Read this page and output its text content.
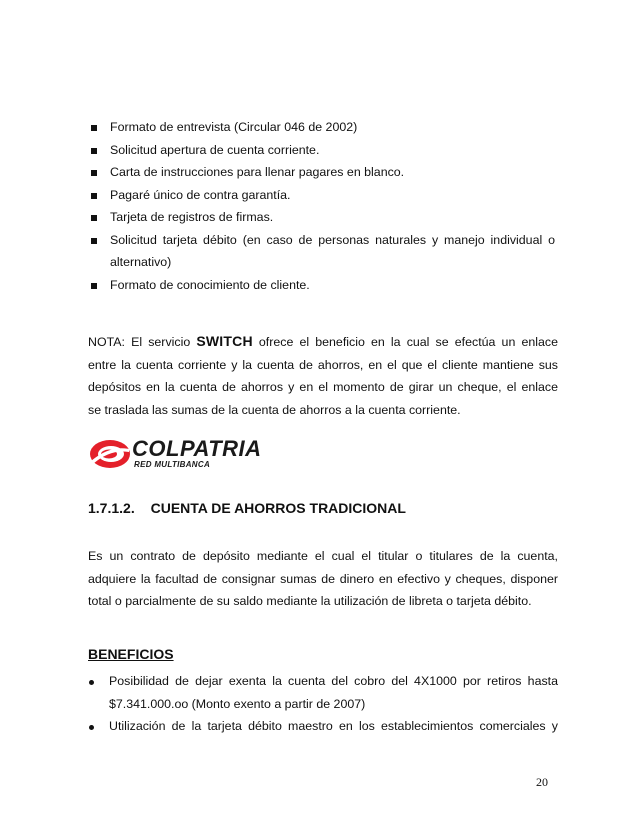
Formato de entrevista (Circular 046 de 2002)
Solicitud apertura de cuenta corriente.
Carta de instrucciones para llenar pagares en blanco.
Pagaré único de contra garantía.
Tarjeta de registros de firmas.
Solicitud tarjeta débito (en caso de personas naturales y manejo individual o
alternativo)
Formato de conocimiento de cliente.
NOTA: El servicio SWITCH ofrece el beneficio en la cual se efectúa un enlace
entre la cuenta corriente y la cuenta de ahorros, en el que el cliente mantiene sus
depósitos en la cuenta de ahorros y en el momento de girar un cheque, el enlace
se traslada las sumas de la cuenta de ahorros a la cuenta corriente.
COLPATRIA
RED MULTIBANCA
1.7.1.2. CUENTA DE AHORROS TRADICIONAL
Es un contrato de depósito mediante el cual el titular o titulares de la cuenta,
adquiere la facultad de consignar sumas de dinero en efectivo y cheques, disponer
total o parcialmente de su saldo mediante la utilización de libreta o tarjeta débito.
BENEFICIOS
Posibilidad de dejar exenta la cuenta del cobro del 4X1000 por retiros hasta
$7.341.000.oo (Monto exento a partir de 2007)
Utilización de la tarjeta débito maestro en los establecimientos comerciales y
20
